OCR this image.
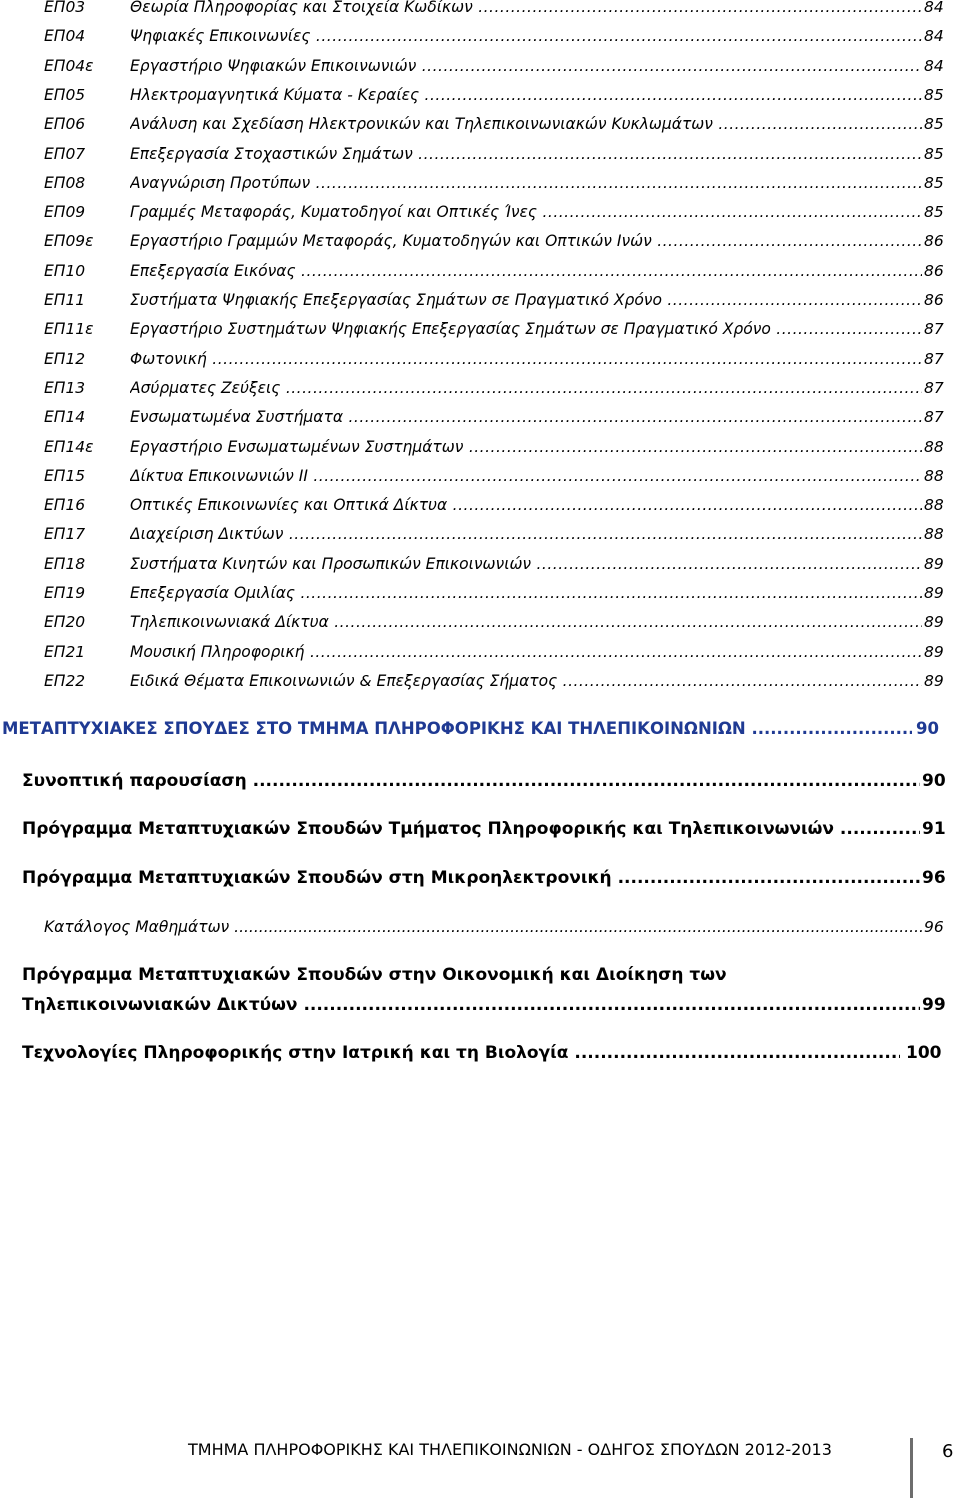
ΕΠ03	Θεωρία Πληροφορίας και Στοιχεία Κωδίκων .....	84
ΕΠ04	Ψηφιακές Επικοινωνίες .....	84
ΕΠ04ε Εργαστήριο Ψηφιακών Επικοινωνιών .....	84
ΕΠ05	Ηλεκτρομαγνητικά Κύματα - Κεραίες .....	85
ΕΠ06	Ανάλυση και Σχεδίαση Ηλεκτρονικών και Τηλεπικοινωνιακών Κυκλωμάτων .....	85
ΕΠ07	Επεξεργασία Στοχαστικών Σημάτων .....	85
ΕΠ08	Αναγνώριση Προτύπων .....	85
ΕΠ09	Γραμμές Μεταφοράς, Κυματοδηγοί και Οπτικές Ίνες .....	85
ΕΠ09ε Εργαστήριο Γραμμών Μεταφοράς, Κυματοδηγών και Οπτικών Ινών .....	86
ΕΠ10	Επεξεργασία Εικόνας .....	86
ΕΠ11	Συστήματα Ψηφιακής Επεξεργασίας Σημάτων σε Πραγματικό Χρόνο .....	86
ΕΠ11ε Εργαστήριο Συστημάτων Ψηφιακής Επεξεργασίας Σημάτων σε Πραγματικό Χρόνο .....	87
ΕΠ12	Φωτονική .....	87
ΕΠ13	Ασύρματες Ζεύξεις .....	87
ΕΠ14	Ενσωματωμένα Συστήματα .....	87
ΕΠ14ε Εργαστήριο Ενσωματωμένων Συστημάτων .....	88
ΕΠ15	Δίκτυα Επικοινωνιών ΙΙ .....	88
ΕΠ16	Οπτικές Επικοινωνίες και Οπτικά Δίκτυα .....	88
ΕΠ17	Διαχείριση Δικτύων .....	88
ΕΠ18	Συστήματα Κινητών και Προσωπικών Επικοινωνιών .....	89
ΕΠ19	Επεξεργασία Ομιλίας .....	89
ΕΠ20	Τηλεπικοινωνιακά Δίκτυα .....	89
ΕΠ21	Μουσική Πληροφορική .....	89
ΕΠ22	Ειδικά Θέματα Επικοινωνιών & Επεξεργασίας Σήματος .....	89
ΜΕΤΑΠΤΥΧΙΑΚΕΣ ΣΠΟΥΔΕΣ ΣΤΟ ΤΜΗΜΑ ΠΛΗΡΟΦΟΡΙΚΗΣ ΚΑΙ ΤΗΛΕΠΙΚΟΙΝΩΝΙΩΝ .....	90
Συνοπτική παρουσίαση .....	90
Πρόγραμμα Μεταπτυχιακών Σπουδών Τμήματος Πληροφορικής και Τηλεπικοινωνιών .....	91
Πρόγραμμα Μεταπτυχιακών Σπουδών στη Μικροηλεκτρονική .....	96
Κατάλογος Μαθημάτων .....	96
Πρόγραμμα Μεταπτυχιακών Σπουδών στην Οικονομική και Διοίκηση των
Τηλεπικοινωνιακών Δικτύων .....	99
Τεχνολογίες Πληροφορικής στην Ιατρική και τη Βιολογία .....	100
ΤΜΗΜΑ ΠΛΗΡΟΦΟΡΙΚΗΣ ΚΑΙ ΤΗΛΕΠΙΚΟΙΝΩΝΙΩΝ - ΟΔΗΓΟΣ ΣΠΟΥΔΩΝ 2012-2013	6
